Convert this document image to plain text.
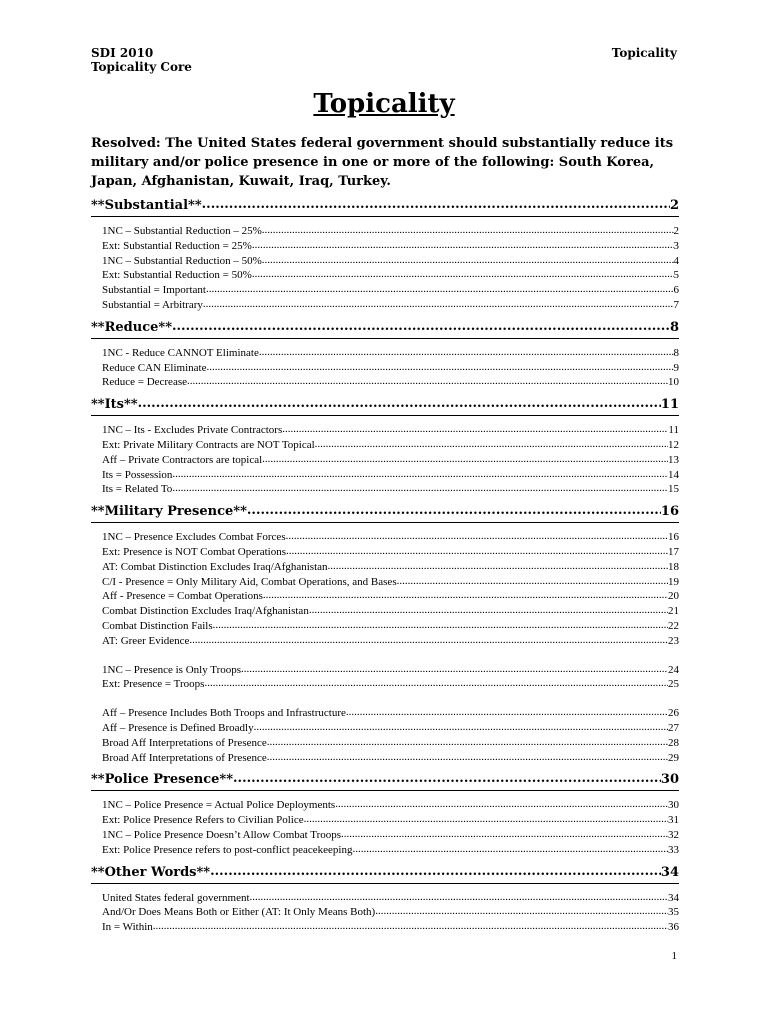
SDI 2010
Topicality Core
Topicality
Topicality
Resolved: The United States federal government should substantially reduce its military and/or police presence in one or more of the following: South Korea, Japan, Afghanistan, Kuwait, Iraq, Turkey.
**Substantial** .....	2
1NC – Substantial Reduction – 25% .....	2
Ext: Substantial Reduction = 25% .....	3
1NC – Substantial Reduction – 50% .....	4
Ext: Substantial Reduction = 50% .....	5
Substantial = Important .....	6
Substantial = Arbitrary .....	7
**Reduce** .....	8
1NC - Reduce CANNOT Eliminate .....	8
Reduce CAN Eliminate .....	9
Reduce = Decrease .....	10
**Its** .....	11
1NC – Its - Excludes Private Contractors .....	11
Ext: Private Military Contracts are NOT Topical .....	12
Aff – Private Contractors are topical .....	13
Its = Possession .....	14
Its = Related To .....	15
**Military Presence** .....	16
1NC – Presence Excludes Combat Forces .....	16
Ext: Presence is NOT Combat Operations .....	17
AT: Combat Distinction Excludes Iraq/Afghanistan .....	18
C/I - Presence = Only Military Aid, Combat Operations, and Bases .....	19
Aff - Presence = Combat Operations .....	20
Combat Distinction Excludes Iraq/Afghanistan .....	21
Combat Distinction Fails .....	22
AT: Greer Evidence .....	23
1NC – Presence is Only Troops .....	24
Ext: Presence = Troops .....	25
Aff – Presence Includes Both Troops and Infrastructure .....	26
Aff – Presence is Defined Broadly .....	27
Broad Aff Interpretations of Presence .....	28
Broad Aff Interpretations of Presence .....	29
**Police Presence** .....	30
1NC – Police Presence = Actual Police Deployments .....	30
Ext: Police Presence Refers to Civilian Police .....	31
1NC – Police Presence Doesn’t Allow Combat Troops .....	32
Ext: Police Presence refers to post-conflict peacekeeping .....	33
**Other Words** .....	34
United States federal government .....	34
And/Or Does Means Both or Either (AT: It Only Means Both) .....	35
In = Within .....	36
1
